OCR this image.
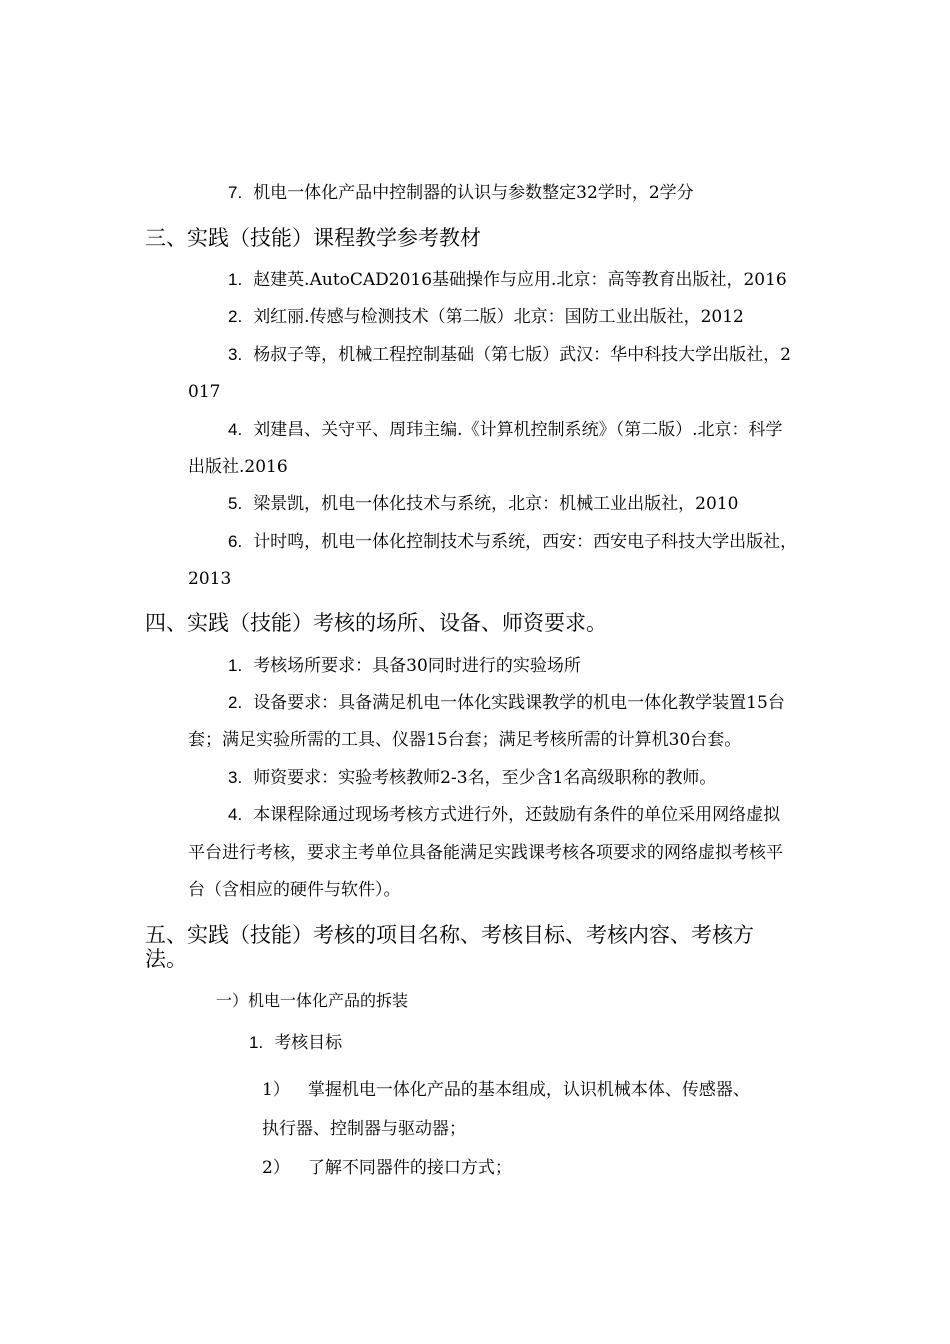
7. 机电一体化产品中控制器的认识与参数整定32学时，2学分
三、实践（技能）课程教学参考教材
1. 赵建英.AutoCAD2016基础操作与应用.北京：高等教育出版社，2016
2. 刘红丽.传感与检测技术（第二版）北京：国防工业出版社，2012
3. 杨叔子等，机械工程控制基础（第七版）武汉：华中科技大学出版社，2
017
4. 刘建昌、关守平、周玮主编.《计算机控制系统》（第二版）.北京：科学
出版社.2016
5. 梁景凯，机电一体化技术与系统，北京：机械工业出版社，2010
6. 计时鸣，机电一体化控制技术与系统，西安：西安电子科技大学出版社，
2013
四、实践（技能）考核的场所、设备、师资要求。
1. 考核场所要求：具备30同时进行的实验场所
2. 设备要求：具备满足机电一体化实践课教学的机电一体化教学装置15台
套；满足实验所需的工具、仪器15台套；满足考核所需的计算机30台套。
3. 师资要求：实验考核教师2-3名，至少含1名高级职称的教师。
4. 本课程除通过现场考核方式进行外，还鼓励有条件的单位采用网络虚拟
平台进行考核，要求主考单位具备能满足实践课考核各项要求的网络虚拟考核平
台（含相应的硬件与软件）。
五、实践（技能）考核的项目名称、考核目标、考核内容、考核方
法。
一）机电一体化产品的拆装
1. 考核目标
1） 掌握机电一体化产品的基本组成，认识机械本体、传感器、
执行器、控制器与驱动器；
2） 了解不同器件的接口方式；
